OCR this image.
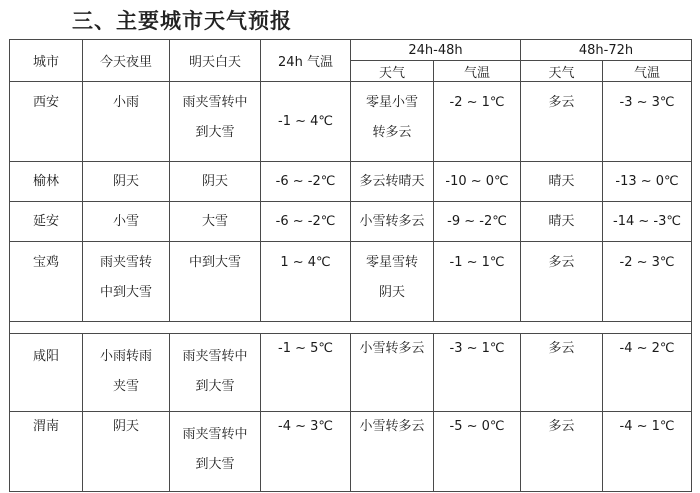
三、主要城市天气预报
城市	今天夜里	明天白天	24h 气温	24h-48h		48h-72h	
				天气	气温	天气	气温
西安	小雨	雨夹雪转中到大雪	-1 ~ 4℃	零星小雪转多云	-2 ~ 1℃	多云	-3 ~ 3℃
榆林	阴天	阴天	-6 ~ -2℃	多云转晴天	-10 ~ 0℃	晴天	-13 ~ 0℃
延安	小雪	大雪	-6 ~ -2℃	小雪转多云	-9 ~ -2℃	晴天	-14 ~ -3℃
宝鸡	雨夹雪转中到大雪	中到大雪	1 ~ 4℃	零星雪转阴天	-1 ~ 1℃	多云	-2 ~ 3℃

咸阳	小雨转雨夹雪	雨夹雪转中到大雪	-1 ~ 5℃	小雪转多云	-3 ~ 1℃	多云	-4 ~ 2℃
渭南	阴天	雨夹雪转中到大雪	-4 ~ 3℃	小雪转多云	-5 ~ 0℃	多云	-4 ~ 1℃
